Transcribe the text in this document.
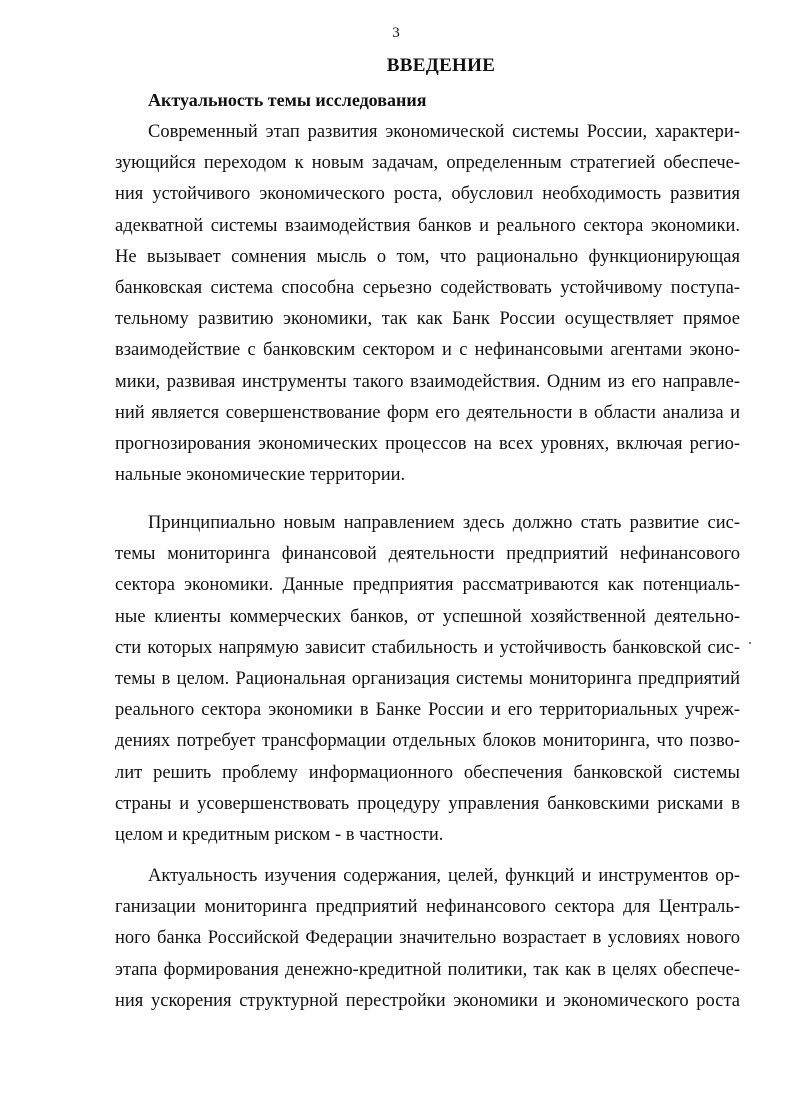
3
ВВЕДЕНИЕ
Актуальность темы исследования
Современный этап развития экономической системы России, характери-
зующийся переходом к новым задачам, определенным стратегией обеспече-
ния устойчивого экономического роста, обусловил необходимость развития
адекватной системы взаимодействия банков и реального сектора экономики.
Не вызывает сомнения мысль о том, что рационально функционирующая
банковская система способна серьезно содействовать устойчивому поступа-
тельному развитию экономики, так как Банк России осуществляет прямое
взаимодействие с банковским сектором и с нефинансовыми агентами эконо-
мики, развивая инструменты такого взаимодействия. Одним из его направле-
ний является совершенствование форм его деятельности в области анализа и
прогнозирования экономических процессов на всех уровнях, включая регио-
нальные экономические территории.
Принципиально новым направлением здесь должно стать развитие сис-
темы мониторинга финансовой деятельности предприятий нефинансового
сектора экономики. Данные предприятия рассматриваются как потенциаль-
ные клиенты коммерческих банков, от успешной хозяйственной деятельно-
сти которых напрямую зависит стабильность и устойчивость банковской сис-
темы в целом. Рациональная организация системы мониторинга предприятий
реального сектора экономики в Банке России и его территориальных учреж-
дениях потребует трансформации отдельных блоков мониторинга, что позво-
лит решить проблему информационного обеспечения банковской системы
страны и усовершенствовать процедуру управления банковскими рисками в
целом и кредитным риском - в частности.
Актуальность изучения содержания, целей, функций и инструментов ор-
ганизации мониторинга предприятий нефинансового сектора для Централь-
ного банка Российской Федерации значительно возрастает в условиях нового
этапа формирования денежно-кредитной политики, так как в целях обеспече-
ния ускорения структурной перестройки экономики и экономического роста
